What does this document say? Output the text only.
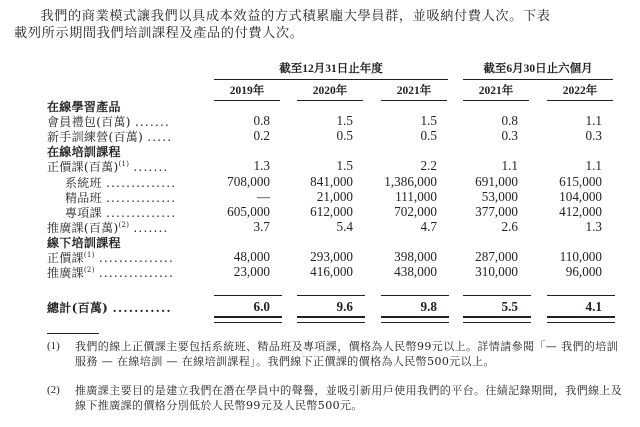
我們的商業模式讓我們以具成本效益的方式積累龐大學員群，並吸納付費人次。下表
載列所示期間我們培訓課程及產品的付費人次。
截至12月31日止年度	截至6月30日止六個月
2019年	2020年	2021年	2021年	2022年
在線學習產品
會員禮包(百萬) .......	0.8	1.5	1.5	0.8	1.1
新手訓練營(百萬) .....	0.2	0.5	0.5	0.3	0.3
在線培訓課程
正價課(百萬)$^{(1)}$ .......	1.3	1.5	2.2	1.1	1.1
系統班 ..............	708,000	841,000	1,386,000	691,000	615,000
精品班 ..............	—	21,000	111,000	53,000	104,000
專項課 ..............	605,000	612,000	702,000	377,000	412,000
推廣課(百萬)$^{(2)}$ .......	3.7	5.4	4.7	2.6	1.3
線下培訓課程
正價課$^{(1)}$ ...............	48,000	293,000	398,000	287,000	110,000
推廣課$^{(2)}$ ...............	23,000	416,000	438,000	310,000	96,000
總計(百萬) ...........	6.0	9.6	9.8	5.5	4.1
(1) 我們的線上正價課主要包括系統班、精品班及專項課，價格為人民幣99元以上。詳情請參閱「— 我們的培訓服務 — 在線培訓 — 在線培訓課程」。我們線下正價課的價格為人民幣500元以上。
(2) 推廣課主要目的是建立我們在潛在學員中的聲譽，並吸引新用戶使用我們的平台。往績記錄期間，我們線上及線下推廣課的價格分別低於人民幣99元及人民幣500元。
